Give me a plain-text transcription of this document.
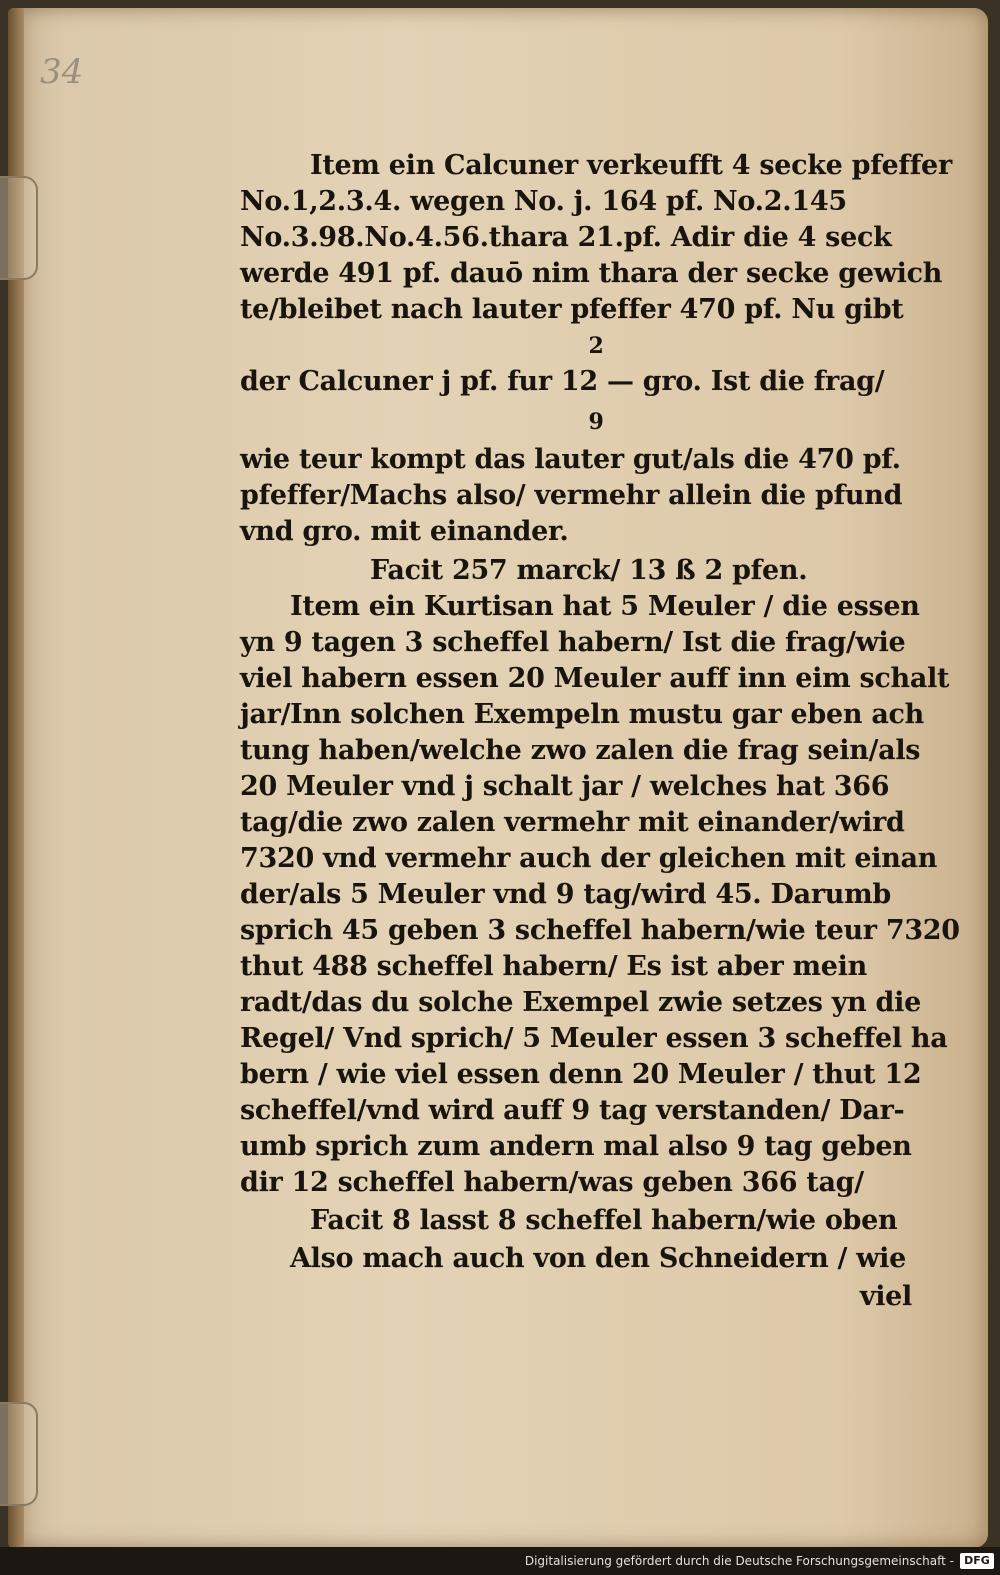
34
Item ein Calcuner verkeufft 4 secke pfeffer
No.1,2.3.4. wegen No. j. 164 pf. No.2.145
No.3.98.No.4.56.thara 21.pf. Adir die 4 seck
werde 491 pf. dauō nim thara der secke gewich
te/bleibet nach lauter pfeffer 470 pf. Nu gibt
2
der Calcuner j pf. fur 12 — gro. Ist die frag/
9
wie teur kompt das lauter gut/als die 470 pf.
pfeffer/Machs also/ vermehr allein die pfund
vnd gro. mit einander.
Facit 257 marck/ 13 ß 2 pfen.
Item ein Kurtisan hat 5 Meuler / die essen
yn 9 tagen 3 scheffel habern/ Ist die frag/wie
viel habern essen 20 Meuler auff inn eim schalt
jar/Inn solchen Exempeln mustu gar eben ach
tung haben/welche zwo zalen die frag sein/als
20 Meuler vnd j schalt jar / welches hat 366
tag/die zwo zalen vermehr mit einander/wird
7320 vnd vermehr auch der gleichen mit einan
der/als 5 Meuler vnd 9 tag/wird 45. Darumb
sprich 45 geben 3 scheffel habern/wie teur 7320
thut 488 scheffel habern/ Es ist aber mein
radt/das du solche Exempel zwie setzes yn die
Regel/ Vnd sprich/ 5 Meuler essen 3 scheffel ha
bern / wie viel essen denn 20 Meuler / thut 12
scheffel/vnd wird auff 9 tag verstanden/ Dar-
umb sprich zum andern mal also 9 tag geben
dir 12 scheffel habern/was geben 366 tag/
Facit 8 lasst 8 scheffel habern/wie oben
Also mach auch von den Schneidern / wie
viel
Digitalisierung gefördert durch die Deutsche Forschungsgemeinschaft - DFG
